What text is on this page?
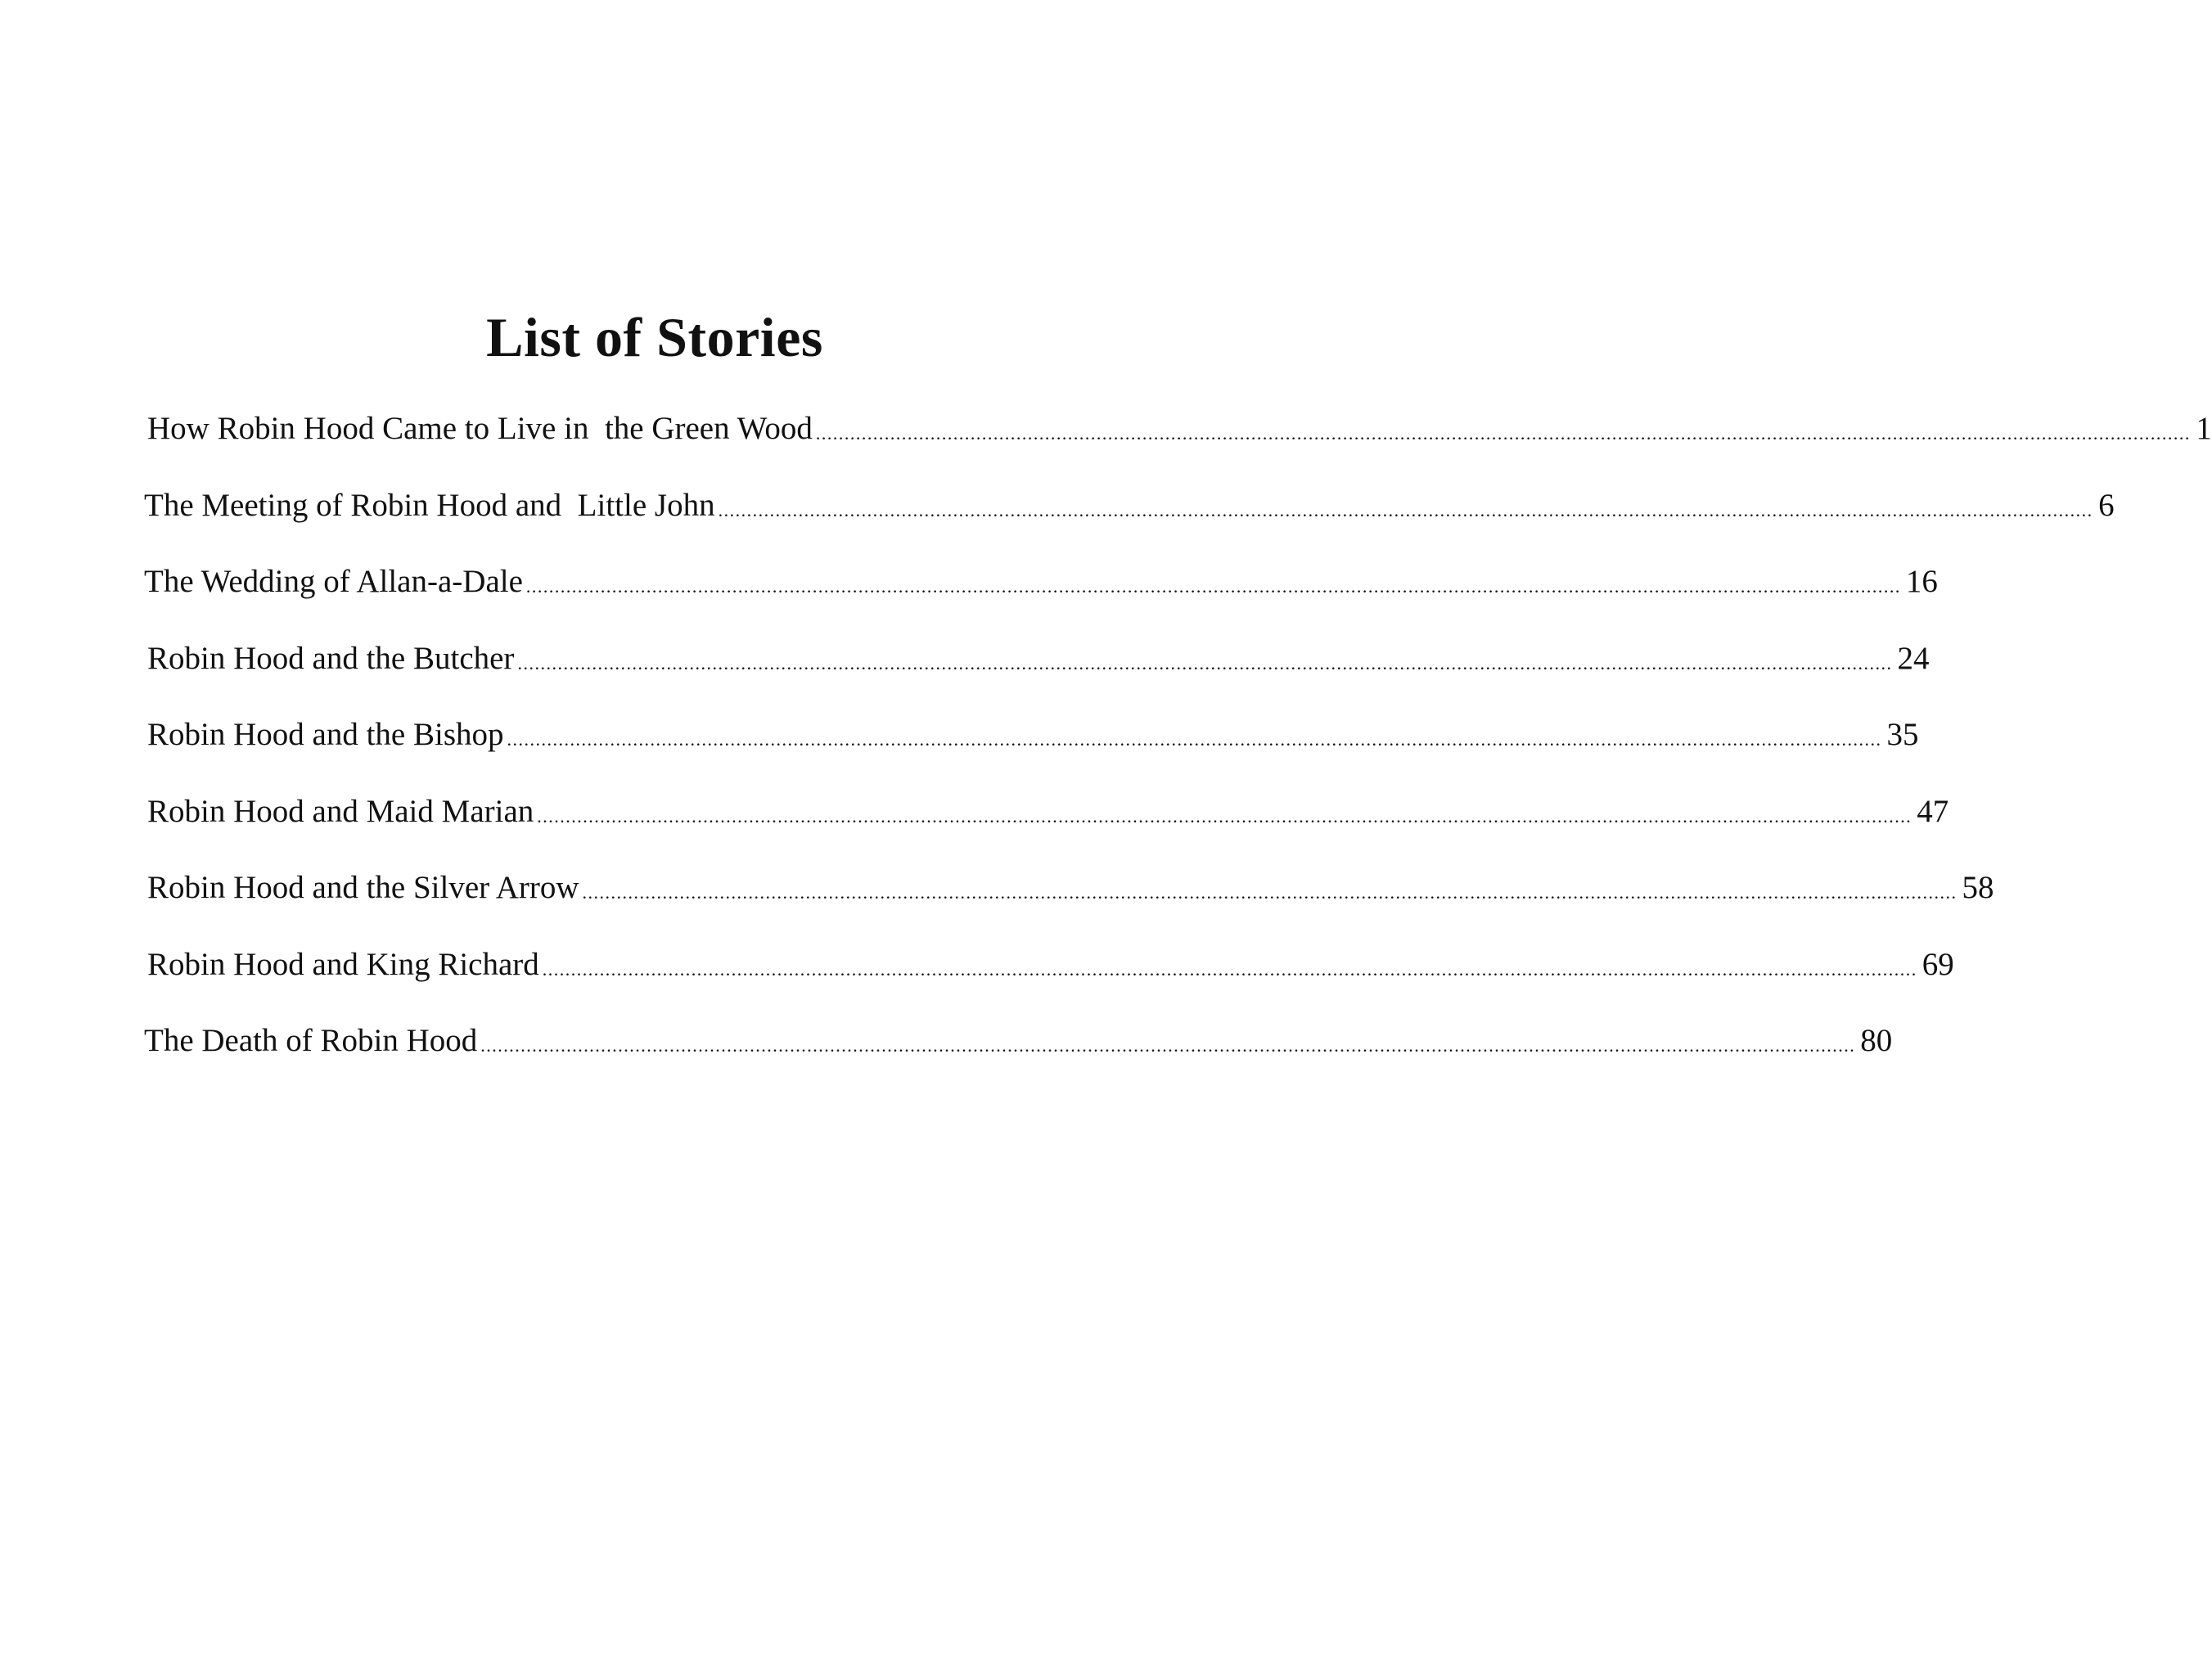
List of Stories
How Robin Hood Came to Live in  the Green Wood ................................................................................................................................................................................................................................................ 1
The Meeting of Robin Hood and  Little John ................................................................................................................................................................................................................................................ 6
The Wedding of Allan-a-Dale ................................................................................................................................................................................................................................................ 16
Robin Hood and the Butcher ................................................................................................................................................................................................................................................ 24
Robin Hood and the Bishop ................................................................................................................................................................................................................................................ 35
Robin Hood and Maid Marian ................................................................................................................................................................................................................................................ 47
Robin Hood and the Silver Arrow ................................................................................................................................................................................................................................................ 58
Robin Hood and King Richard ................................................................................................................................................................................................................................................ 69
The Death of Robin Hood ................................................................................................................................................................................................................................................ 80
